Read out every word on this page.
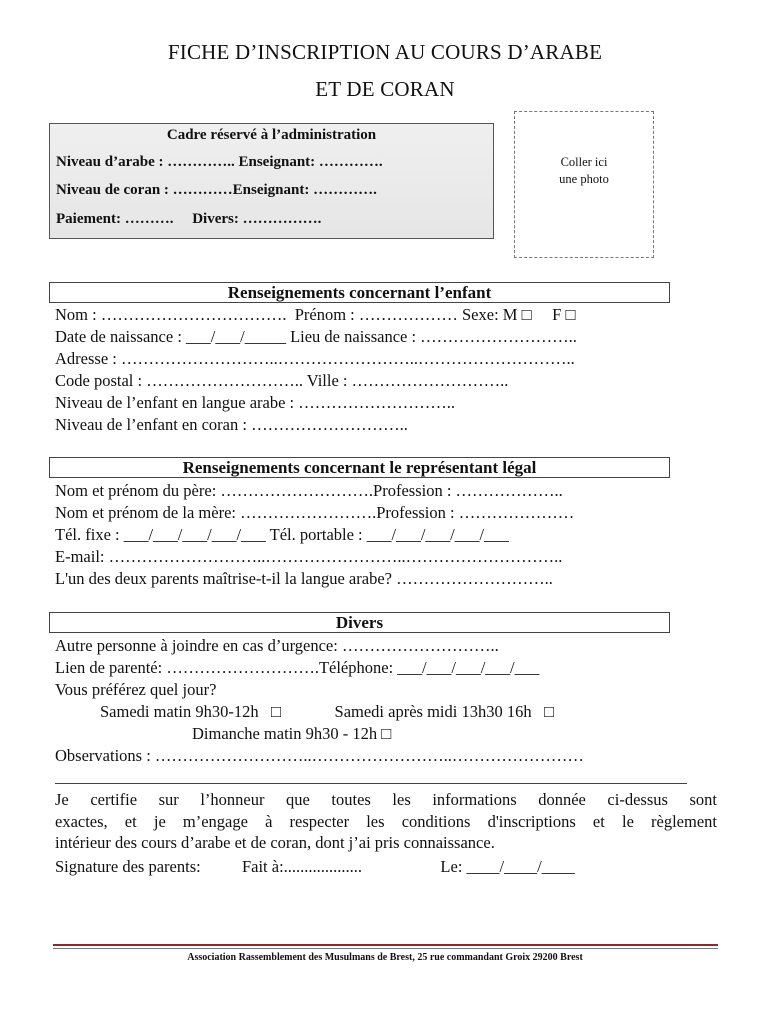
FICHE D’INSCRIPTION AU COURS D’ARABE
ET DE CORAN
Cadre réservé à l’administration
Niveau d’arabe : ………….. Enseignant: ………….
Niveau de coran : …………Enseignant: ………….
Paiement: ……….     Divers: …………….
Coller ici
une photo
Renseignements concernant l’enfant
Nom : …………………………….  Prénom : ……………… Sexe: M □     F □
Date de naissance : ___/___/_____ Lieu de naissance : ………………………..
Adresse : ………………………..……………………..………………………..
Code postal : ……………………….. Ville : ………………………..
Niveau de l’enfant en langue arabe : ………………………..
Niveau de l’enfant en coran : ………………………..
Renseignements concernant le représentant légal
Nom et prénom du père: ……………………….Profession : ………………..
Nom et prénom de la mère: …………………….Profession : …………………
Tél. fixe : ___/___/___/___/___ Tél. portable : ___/___/___/___/___
E-mail: ………………………..……………………..………………………..
L'un des deux parents maîtrise-t-il la langue arabe? ………………………..
Divers
Autre personne à joindre en cas d’urgence: ………………………..
Lien de parenté: ……………………….Téléphone: ___/___/___/___/___
Vous préférez quel jour?
Samedi matin 9h30-12h   □             Samedi après midi 13h30 16h   □
Dimanche matin 9h30 - 12h □
Observations : ………………………..……………………..……………………
Je certifie sur l’honneur que toutes les informations donnée ci-dessus sont
exactes, et je m’engage à respecter les conditions d'inscriptions et le règlement
intérieur des cours d’arabe et de coran, dont j’ai pris connaissance.
Signature des parents:          Fait à:...................                   Le: ____/____/____
Association Rassemblement des Musulmans de Brest, 25 rue commandant Groix 29200 Brest
